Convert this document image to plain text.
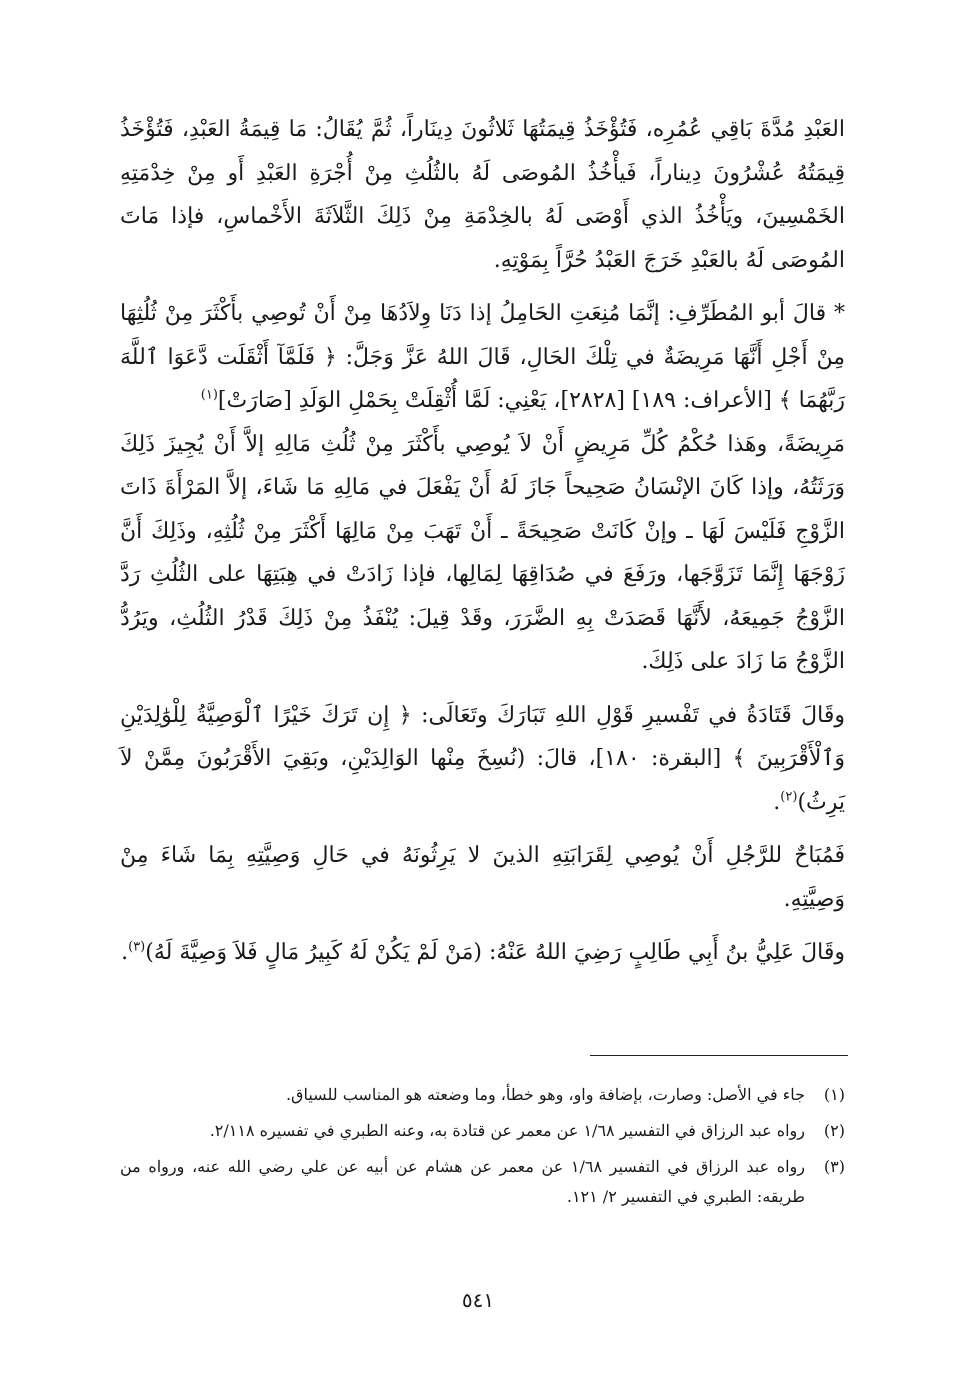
العَبْدِ مُدَّةَ بَاقِي عُمُرِه، فَتُؤْخَذُ قِيمَتُهَا ثَلاثُونَ دِينَاراً، ثُمَّ يُقَالُ: مَا قِيمَةُ العَبْدِ، فَتُؤْخَذُ قِيمَتُهُ عُشْرُونَ دِيناراً، فَيأْخُذُ المُوصَى لَهُ بالثُلُثِ مِنْ أُجْرَةِ العَبْدِ أَو مِنْ خِدْمَتِهِ الخَمْسِينَ، ويَأْخُذُ الذي أَوْصَى لَهُ بالخِدْمَةِ مِنْ ذَلِكَ الثَّلاَثَةَ الأَخْماسِ، فإذا مَاتَ المُوصَى لَهُ بالعَبْدِ خَرَجَ العَبْدُ حُرَّاً بِمَوْتِهِ.

* قالَ أبو المُطَرِّفِ: إنَّمَا مُنِعَتِ الحَامِلُ إذا دَنَا وِلاَدُهَا مِنْ أَنْ تُوصِي بأَكْثَرَ مِنْ ثُلُثِهَا مِنْ أَجْلِ أَنَّهَا مَرِيضَةٌ في تِلْكَ الحَالِ، قَالَ اللهُ عَزَّ وَجَلَّ: ﴿ فَلَمَّآ أَثْقَلَت دَّعَوَا ٱللَّهَ رَبَّهُمَا ﴾ [الأعراف: ١٨٩] [٢٨٢٨]، يَعْنِي: لَمَّا أُثْقِلَتْ بِحَمْلِ الوَلَدِ [صَارَتْ]$^{(١)}$

مَرِيضَةً، وهَذا حُكْمُ كُلِّ مَرِيضٍ أَنْ لاَ يُوصِي بأَكْثَرَ مِنْ ثُلُثِ مَالِهِ إلاَّ أَنْ يُجِيزَ ذَلِكَ وَرَثَتُهُ، وإذا كَانَ الإنْسَانُ صَحِيحاً جَازَ لَهُ أَنْ يَفْعَلَ في مَالِهِ مَا شَاءَ، إلاَّ المَرْأَةَ ذَاتَ الزَّوْجِ فَلَيْسَ لَهَا ـ وإنْ كَانَتْ صَحِيحَةً ـ أَنْ تَهَبَ مِنْ مَالِهَا أَكْثَرَ مِنْ ثُلُثِهِ، وذَلِكَ أَنَّ زَوْجَهَا إِنَّمَا تَزَوَّجَها، ورَفَعَ في صُدَاقِهَا لِمَالِها، فإذا زَادَتْ في هِبَتِهَا على الثُلُثِ رَدَّ الزَّوْجُ جَمِيعَهُ، لأَنَّهَا قَصَدَتْ بِهِ الضَّرَرَ، وقَدْ قِيلَ: يُنْفَذُ مِنْ ذَلِكَ قَدْرُ الثُلُثِ، ويَرُدُّ الزَّوْجُ مَا زَادَ على ذَلِكَ.

وقَالَ قَتَادَةُ في تَفْسيرِ قَوْلِ اللهِ تَبَارَكَ وتَعَالَى: ﴿ إِن تَرَكَ خَيْرًا ٱلْوَصِيَّةُ لِلْوَٰلِدَيْنِ وَٱلْأَقْرَبِينَ ﴾ [البقرة: ١٨٠]، قالَ: (نُسِخَ مِنْها الوَالِدَيْنِ، وبَقِيَ الأَقْرَبُونَ مِمَّنْ لاَ يَرِثُ)$^{(٢)}$.

فَمُبَاحٌ للرَّجُلِ أَنْ يُوصِي لِقَرَابَتِهِ الذينَ لا يَرِثُونَهُ في حَالِ وَصِيَّتِهِ بِمَا شَاءَ مِنْ وَصِيَّتِهِ.

وقَالَ عَلِيُّ بنُ أَبِي طَالِبٍ رَضِيَ اللهُ عَنْهُ: (مَنْ لَمْ يَكُنْ لَهُ كَبِيرُ مَالٍ فَلاَ وَصِيَّةَ لَهُ)$^{(٣)}$.

(١)
جاء في الأصل: وصارت، بإضافة واو، وهو خطأ، وما وضعته هو المناسب للسياق.
(٢)
رواه عبد الرزاق في التفسير ١/٦٨ عن معمر عن قتادة به، وعنه الطبري في تفسيره ٢/١١٨.
(٣)
رواه عبد الرزاق في التفسير ١/٦٨ عن معمر عن هشام عن أبيه عن علي رضي الله عنه، ورواه من طريقه: الطبري في التفسير ٢/ ١٢١.
٥٤١
